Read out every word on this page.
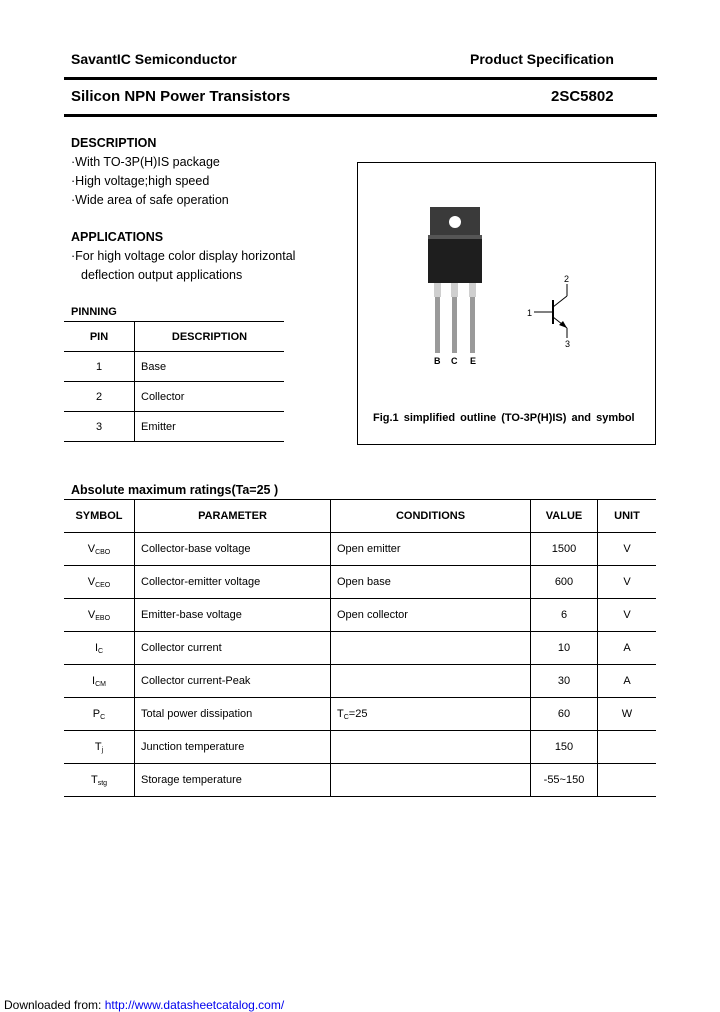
SavantIC Semiconductor	Product Specification
Silicon NPN Power Transistors	2SC5802
DESCRIPTION
·With TO-3P(H)IS package
·High voltage;high speed
·Wide area of safe operation
APPLICATIONS
·For high voltage color display horizontal
deflection output applications
PINNING
PIN	DESCRIPTION
1	Base
2	Collector
3	Emitter
B C E
1
2
3
Fig.1 simplified outline (TO-3P(H)IS) and symbol
Absolute maximum ratings(Ta=25 )
SYMBOL	PARAMETER	CONDITIONS	VALUE	UNIT
$V_{CBO}$	Collector-base voltage	Open emitter	1500	V
$V_{CEO}$	Collector-emitter voltage	Open base	600	V
$V_{EBO}$	Emitter-base voltage	Open collector	6	V
$I_C$	Collector current		10	A
$I_{CM}$	Collector current-Peak		30	A
$P_C$	Total power dissipation	$T_C=25$	60	W
$T_j$	Junction temperature		150	
$T_{stg}$	Storage temperature		-55~150	
Downloaded from: http://www.datasheetcatalog.com/
